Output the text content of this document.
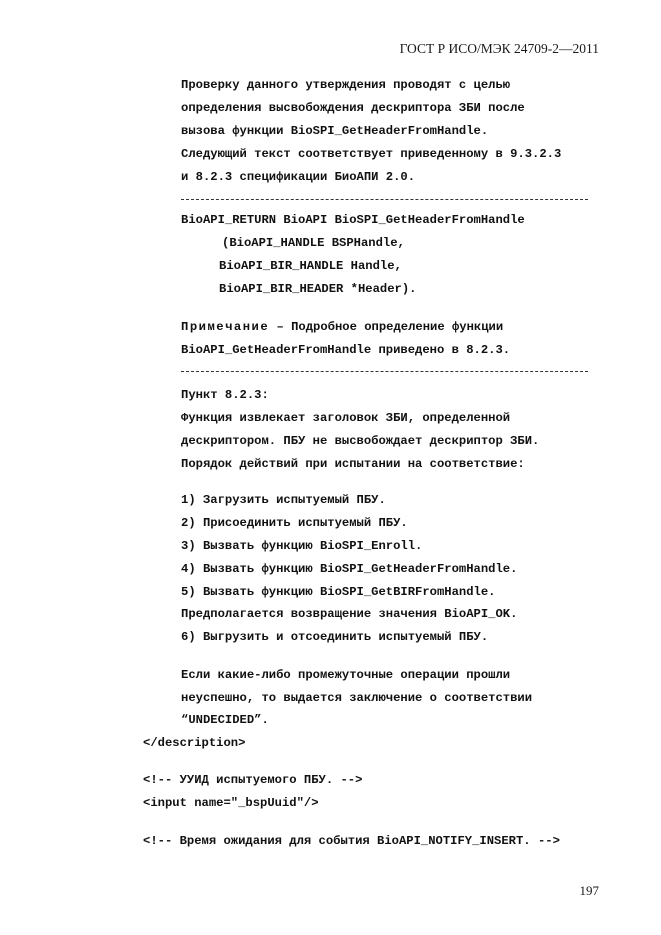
ГОСТ Р ИСО/МЭК 24709-2—2011
Проверку данного утверждения проводят с целью
определения высвобождения дескриптора ЗБИ после
вызова функции BioSPI_GetHeaderFromHandle.
Следующий текст соответствует приведенному в 9.3.2.3
и 8.2.3 спецификации БиоАПИ 2.0.
BioAPI_RETURN BioAPI BioSPI_GetHeaderFromHandle
(BioAPI_HANDLE BSPHandle,
BioAPI_BIR_HANDLE Handle,
BioAPI_BIR_HEADER *Header).
Примечание – Подробное определение функции
BioAPI_GetHeaderFromHandle приведено в 8.2.3.
Пункт 8.2.3:
Функция извлекает заголовок ЗБИ, определенной
дескриптором. ПБУ не высвобождает дескриптор ЗБИ.
Порядок действий при испытании на соответствие:
1) Загрузить испытуемый ПБУ.
2) Присоединить испытуемый ПБУ.
3) Вызвать функцию BioSPI_Enroll.
4) Вызвать функцию BioSPI_GetHeaderFromHandle.
5) Вызвать функцию BioSPI_GetBIRFromHandle.
Предполагается возвращение значения BioAPI_OK.
6) Выгрузить и отсоединить испытуемый ПБУ.
Если какие-либо промежуточные операции прошли
неуспешно, то выдается заключение о соответствии
“UNDECIDED”.
</description>
<!-- УУИД испытуемого ПБУ. -->
<input name="_bspUuid"/>
<!-- Время ожидания для события BioAPI_NOTIFY_INSERT. -->
197
